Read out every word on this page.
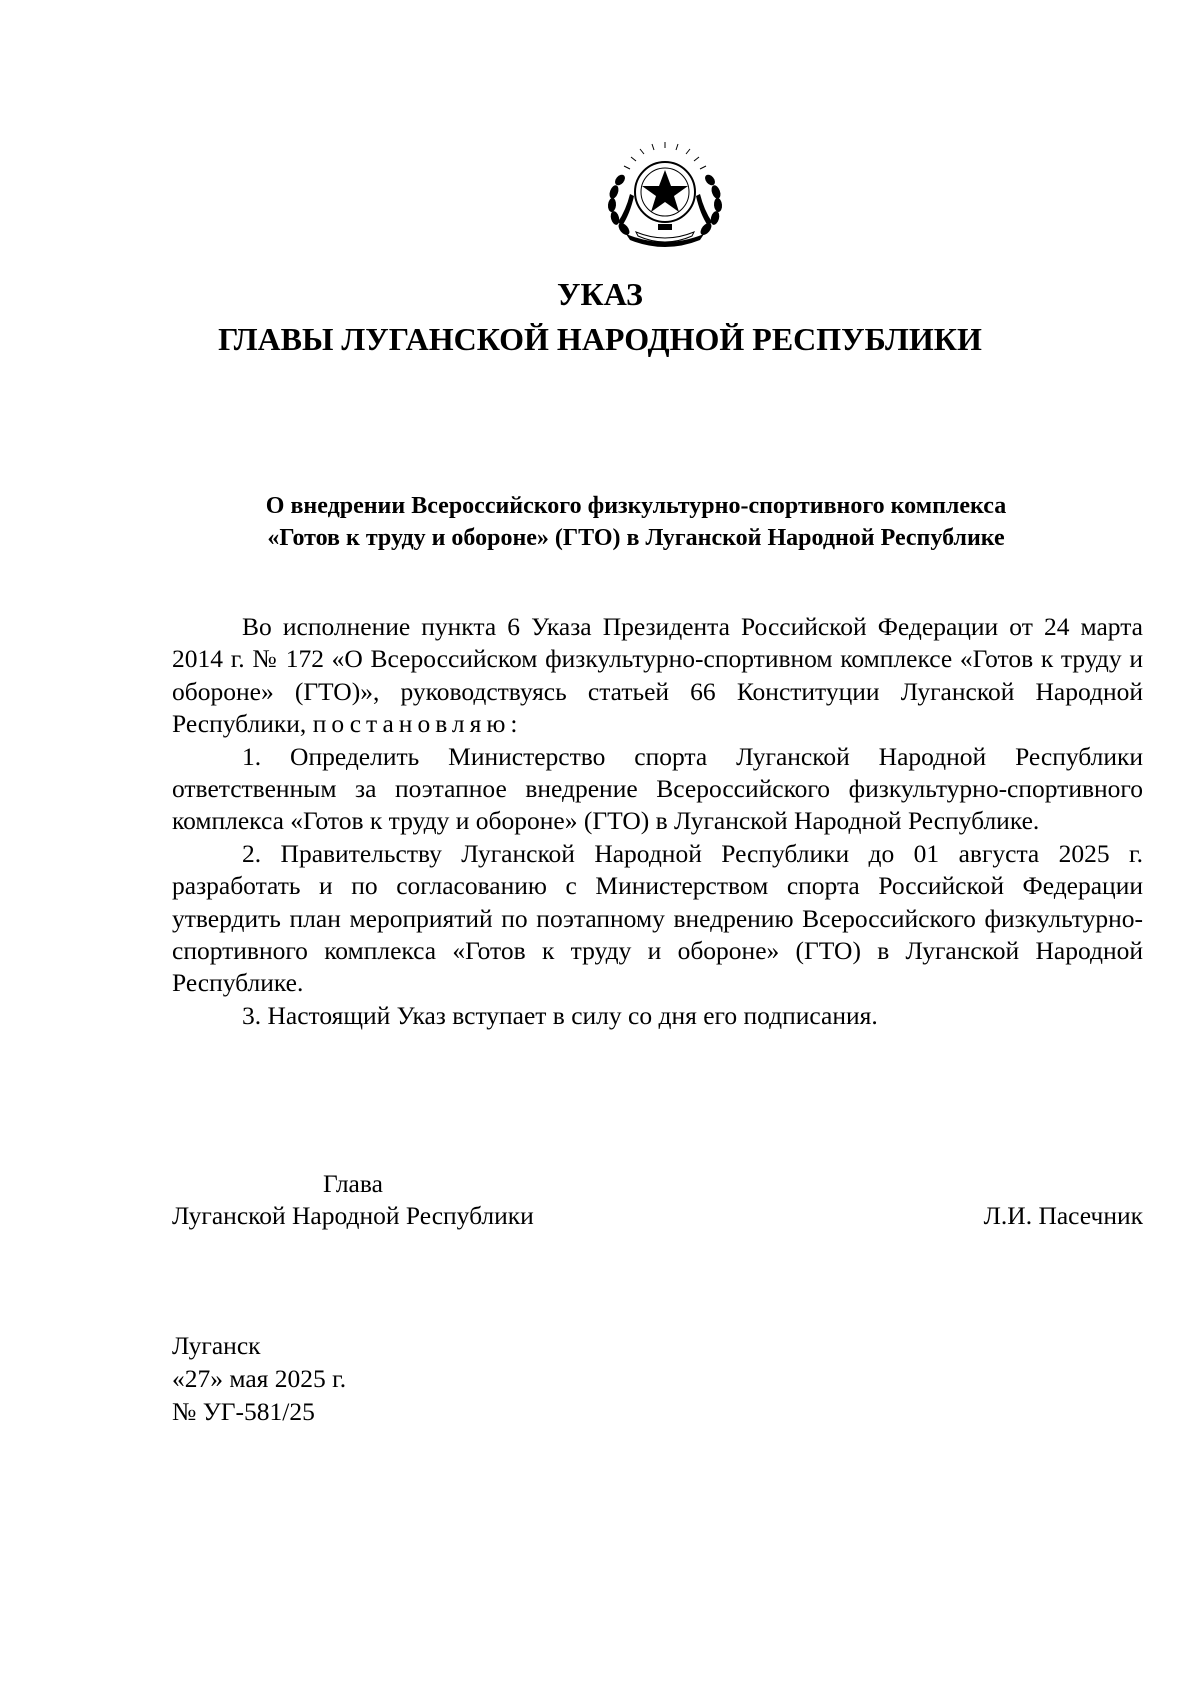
УКАЗ
ГЛАВЫ ЛУГАНСКОЙ НАРОДНОЙ РЕСПУБЛИКИ
О внедрении Всероссийского физкультурно-спортивного комплекса
«Готов к труду и обороне» (ГТО) в Луганской Народной Республике

Во исполнение пункта 6 Указа Президента Российской Федерации от 24 марта 2014 г. № 172 «О Всероссийском физкультурно-спортивном комплексе «Готов к труду и обороне» (ГТО)», руководствуясь статьей 66 Конституции Луганской Народной Республики, постановляю:

1. Определить Министерство спорта Луганской Народной Республики ответственным за поэтапное внедрение Всероссийского физкультурно-спортивного комплекса «Готов к труду и обороне» (ГТО) в Луганской Народной Республике.

2. Правительству Луганской Народной Республики до 01 августа 2025 г. разработать и по согласованию с Министерством спорта Российской Федерации утвердить план мероприятий по поэтапному внедрению Всероссийского физкультурно-спортивного комплекса «Готов к труду и обороне» (ГТО) в Луганской Народной Республике.

3. Настоящий Указ вступает в силу со дня его подписания.

Глава
Луганской Народной Республики	Л.И. Пасечник
Луганск
«27» мая 2025 г.
№ УГ-581/25
